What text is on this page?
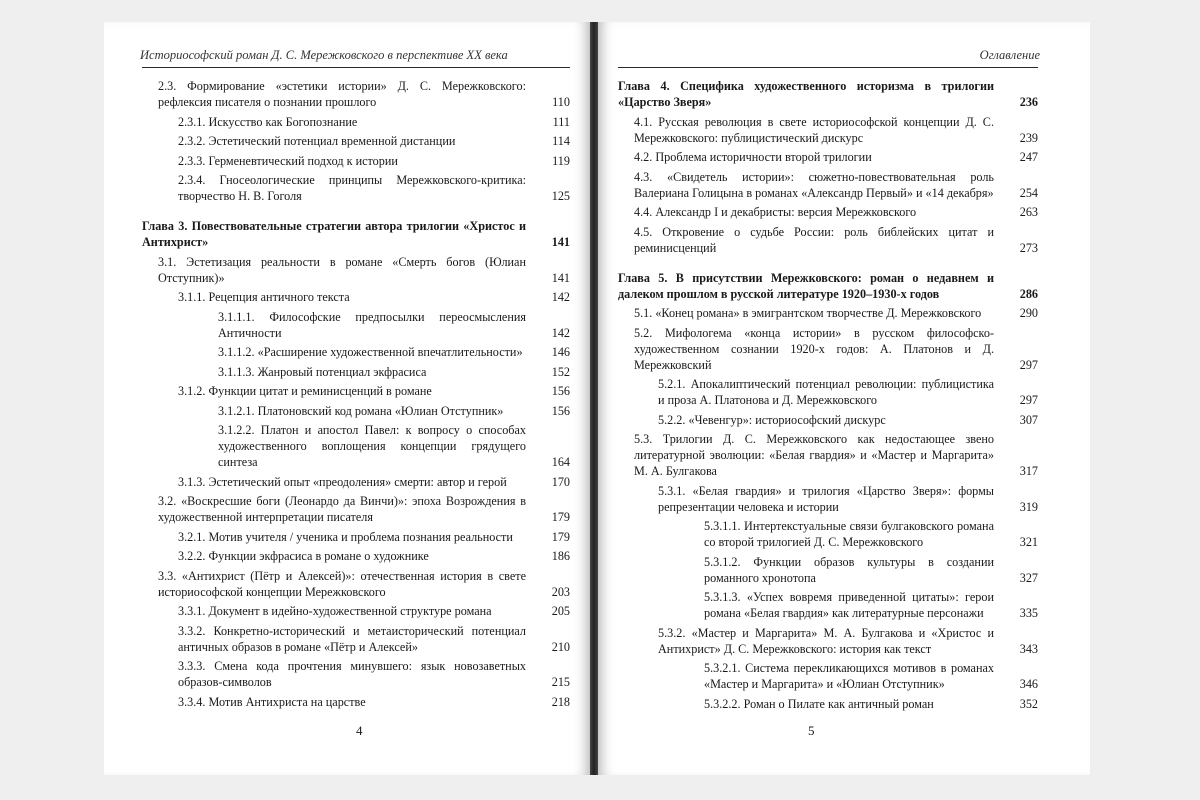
Историософский роман Д. С. Мережковского в перспективе XX века
2.3. Формирование «эстетики истории» Д. С. Мережковского: рефлексия писателя о познании прошлого	110
2.3.1. Искусство как Богопознание	111
2.3.2. Эстетический потенциал временной дистанции	114
2.3.3. Герменевтический подход к истории	119
2.3.4. Гносеологические принципы Мережковского-критика: творчество Н. В. Гоголя	125
Глава 3. Повествовательные стратегии автора трилогии «Христос и Антихрист»	141
3.1. Эстетизация реальности в романе «Смерть богов (Юлиан Отступник)»	141
3.1.1. Рецепция античного текста	142
3.1.1.1. Философские предпосылки переосмысления Античности	142
3.1.1.2. «Расширение художественной впечатлительности»	146
3.1.1.3. Жанровый потенциал экфрасиса	152
3.1.2. Функции цитат и реминисценций в романе	156
3.1.2.1. Платоновский код романа «Юлиан Отступник»	156
3.1.2.2. Платон и апостол Павел: к вопросу о способах художественного воплощения концепции грядущего синтеза	164
3.1.3. Эстетический опыт «преодоления» смерти: автор и герой	170
3.2. «Воскресшие боги (Леонардо да Винчи)»: эпоха Возрождения в художественной интерпретации писателя	179
3.2.1. Мотив учителя / ученика и проблема познания реальности	179
3.2.2. Функции экфрасиса в романе о художнике	186
3.3. «Антихрист (Пётр и Алексей)»: отечественная история в свете историософской концепции Мережковского	203
3.3.1. Документ в идейно-художественной структуре романа	205
3.3.2. Конкретно-исторический и метаисторический потенциал античных образов в романе «Пётр и Алексей»	210
3.3.3. Смена кода прочтения минувшего: язык новозаветных образов-символов	215
3.3.4. Мотив Антихриста на царстве	218
4
Оглавление
Глава 4. Специфика художественного историзма в трилогии «Царство Зверя»	236
4.1. Русская революция в свете историософской концепции Д. С. Мережковского: публицистический дискурс	239
4.2. Проблема историчности второй трилогии	247
4.3. «Свидетель истории»: сюжетно-повествовательная роль Валериана Голицына в романах «Александр Первый» и «14 декабря»	254
4.4. Александр I и декабристы: версия Мережковского	263
4.5. Откровение о судьбе России: роль библейских цитат и реминисценций	273
Глава 5. В присутствии Мережковского: роман о недавнем и далеком прошлом в русской литературе 1920–1930-х годов	286
5.1. «Конец романа» в эмигрантском творчестве Д. Мережковского	290
5.2. Мифологема «конца истории» в русском философско-художественном сознании 1920-х годов: А. Платонов и Д. Мережковский	297
5.2.1. Апокалиптический потенциал революции: публицистика и проза А. Платонова и Д. Мережковского	297
5.2.2. «Чевенгур»: историософский дискурс	307
5.3. Трилогии Д. С. Мережковского как недостающее звено литературной эволюции: «Белая гвардия» и «Мастер и Маргарита» М. А. Булгакова	317
5.3.1. «Белая гвардия» и трилогия «Царство Зверя»: формы репрезентации человека и истории	319
5.3.1.1. Интертекстуальные связи булгаковского романа со второй трилогией Д. С. Мережковского	321
5.3.1.2. Функции образов культуры в создании романного хронотопа	327
5.3.1.3. «Успех вовремя приведенной цитаты»: герои романа «Белая гвардия» как литературные персонажи	335
5.3.2. «Мастер и Маргарита» М. А. Булгакова и «Христос и Антихрист» Д. С. Мережковского: история как текст	343
5.3.2.1. Система перекликающихся мотивов в романах «Мастер и Маргарита» и «Юлиан Отступник»	346
5.3.2.2. Роман о Пилате как античный роман	352
5
